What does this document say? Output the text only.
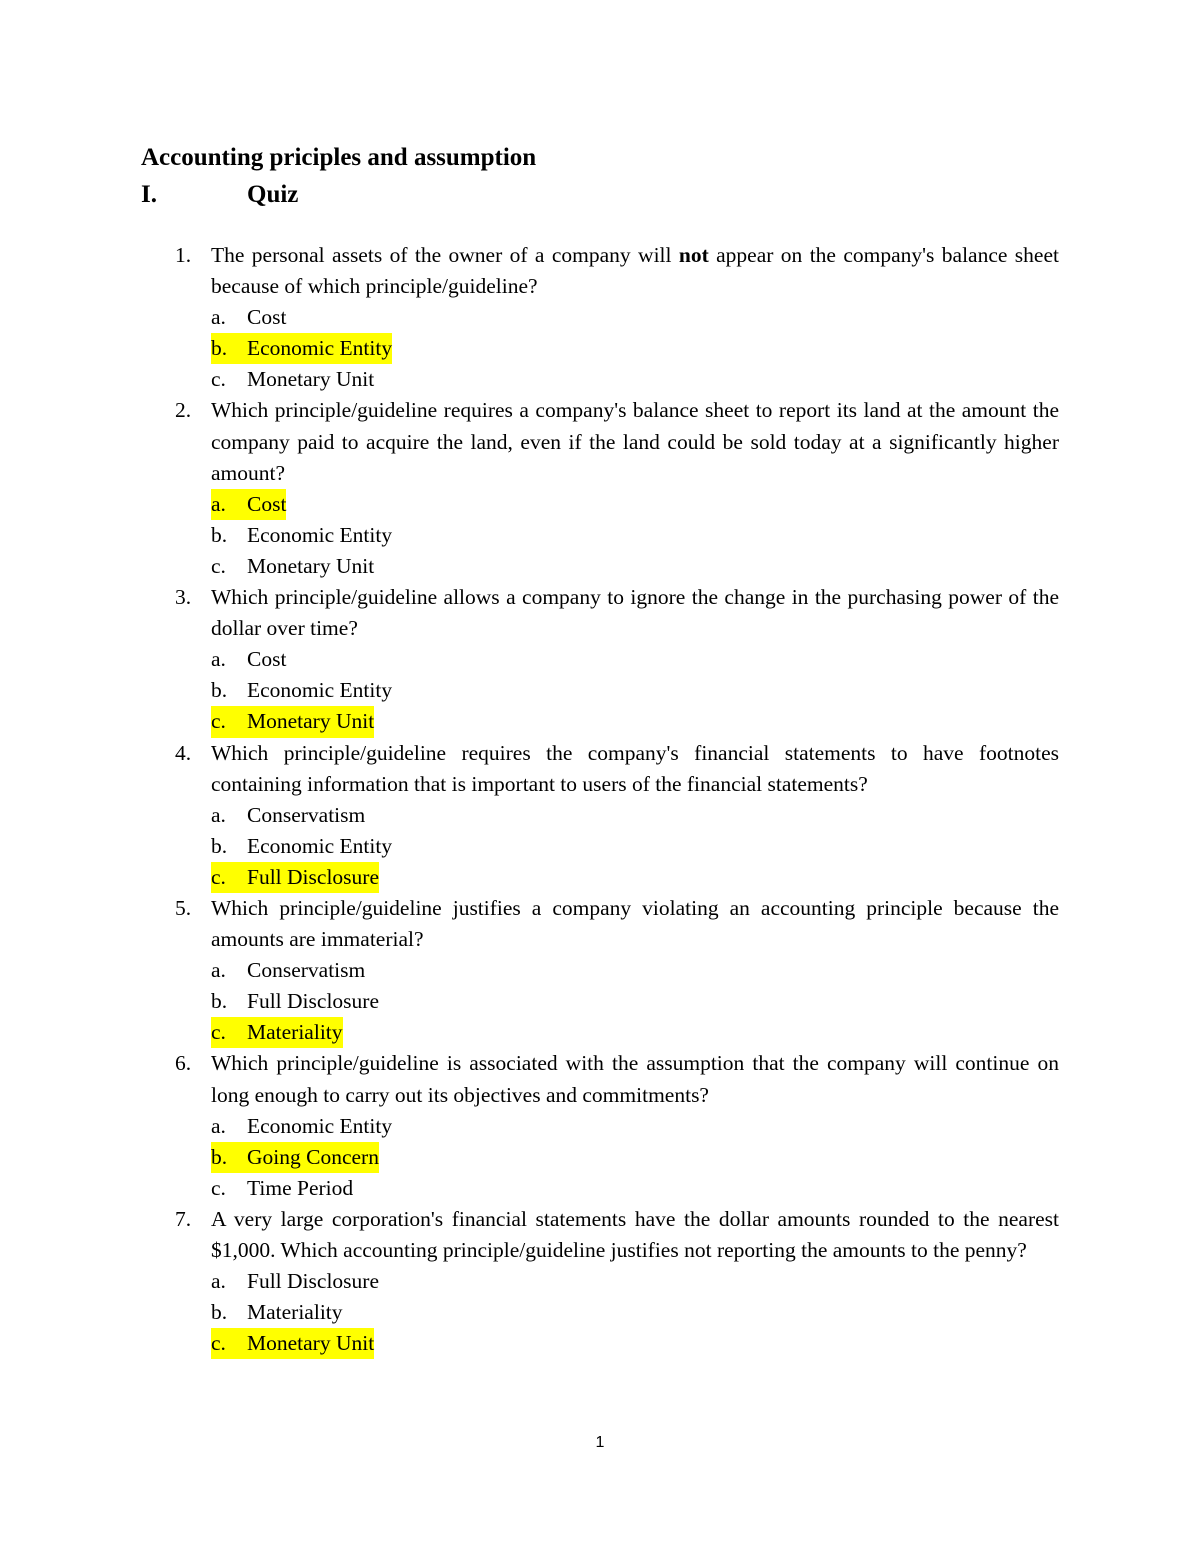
Accounting priciples and assumption
I.	Quiz
1. The personal assets of the owner of a company will not appear on the company's balance sheet because of which principle/guideline?
a. Cost
b. Economic Entity
c. Monetary Unit
2. Which principle/guideline requires a company's balance sheet to report its land at the amount the company paid to acquire the land, even if the land could be sold today at a significantly higher amount?
a. Cost
b. Economic Entity
c. Monetary Unit
3. Which principle/guideline allows a company to ignore the change in the purchasing power of the dollar over time?
a. Cost
b. Economic Entity
c. Monetary Unit
4. Which principle/guideline requires the company's financial statements to have footnotes containing information that is important to users of the financial statements?
a. Conservatism
b. Economic Entity
c. Full Disclosure
5. Which principle/guideline justifies a company violating an accounting principle because the amounts are immaterial?
a. Conservatism
b. Full Disclosure
c. Materiality
6. Which principle/guideline is associated with the assumption that the company will continue on long enough to carry out its objectives and commitments?
a. Economic Entity
b. Going Concern
c. Time Period
7. A very large corporation's financial statements have the dollar amounts rounded to the nearest $1,000. Which accounting principle/guideline justifies not reporting the amounts to the penny?
a. Full Disclosure
b. Materiality
c. Monetary Unit
1
